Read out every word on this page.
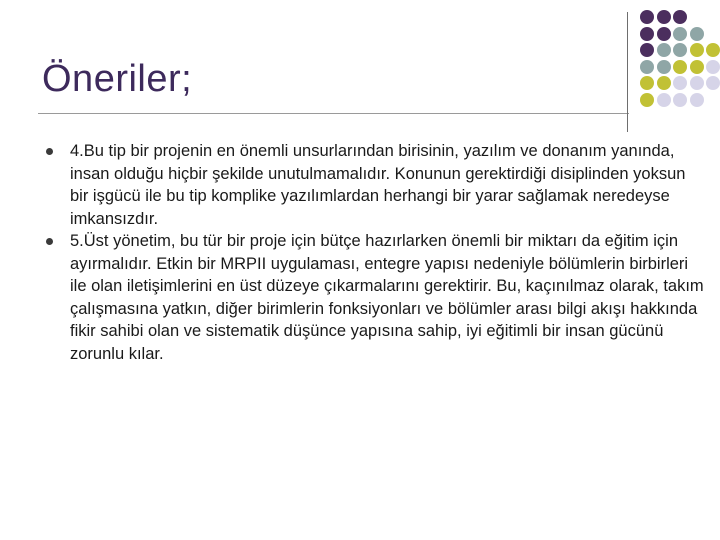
Öneriler;
4.Bu tip bir projenin en önemli unsurlarından birisinin, yazılım ve donanım yanında, insan olduğu hiçbir şekilde unutulmamalıdır. Konunun gerektirdiği disiplinden yoksun bir işgücü ile bu tip komplike yazılımlardan herhangi bir yarar sağlamak neredeyse imkansızdır.
5.Üst yönetim, bu tür bir proje için bütçe hazırlarken önemli bir miktarı da eğitim için ayırmalıdır. Etkin bir MRPII uygulaması, entegre yapısı nedeniyle bölümlerin birbirleri ile olan iletişimlerini en üst düzeye çıkarmalarını gerektirir. Bu, kaçınılmaz olarak, takım çalışmasına yatkın, diğer birimlerin fonksiyonları ve bölümler arası bilgi akışı hakkında fikir sahibi olan ve sistematik düşünce yapısına sahip, iyi eğitimli bir insan gücünü zorunlu kılar.
